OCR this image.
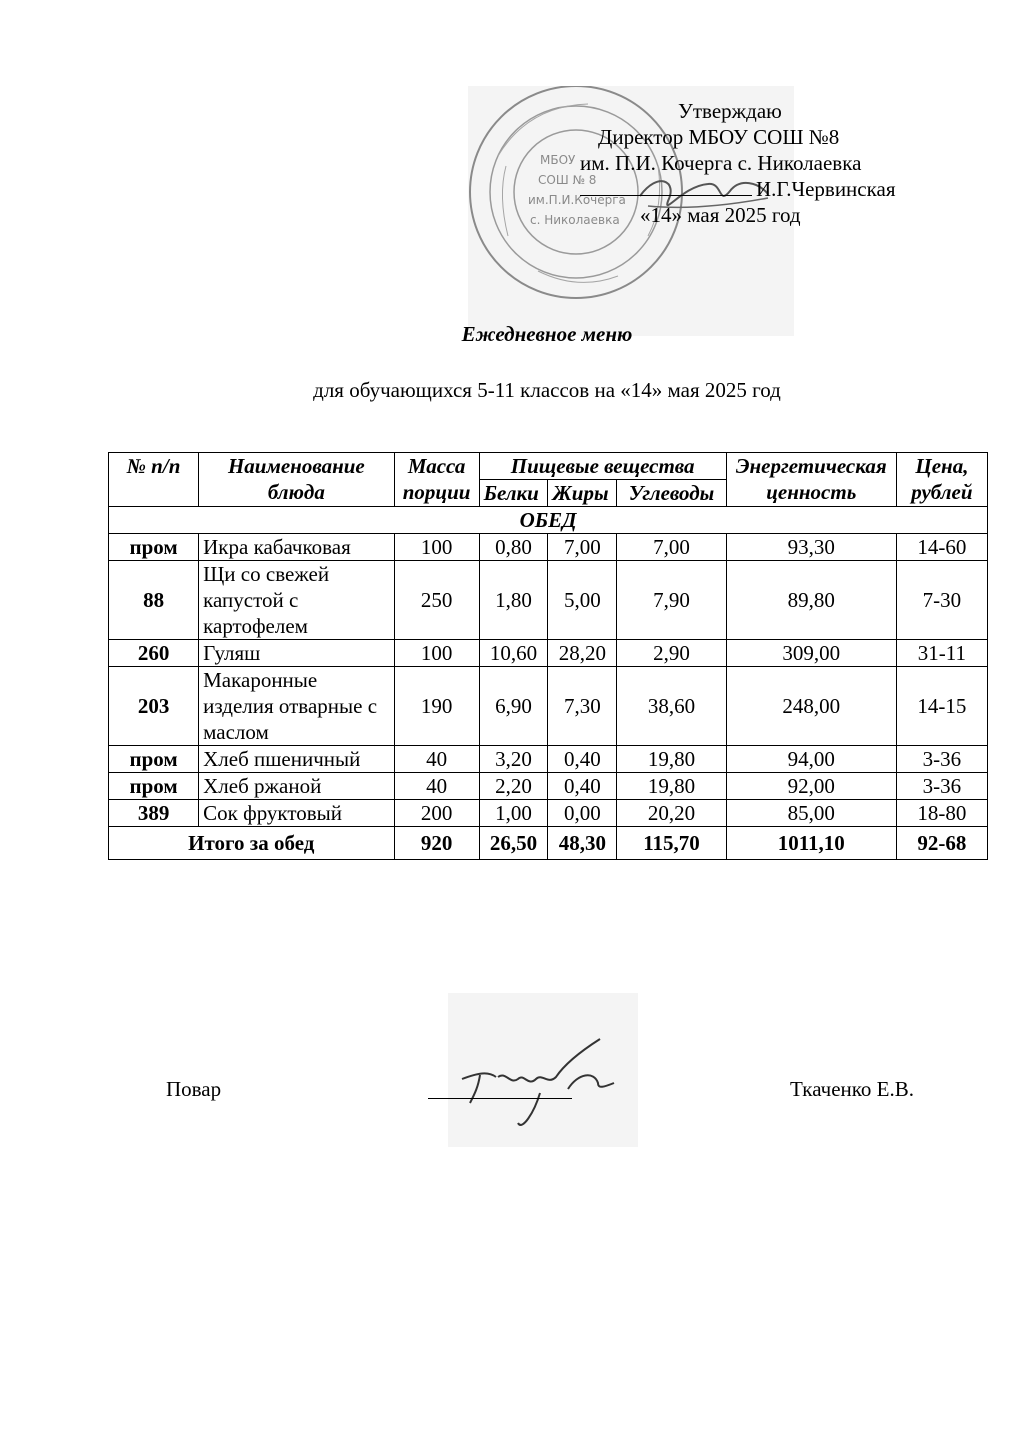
МБОУ
СОШ № 8
им.П.И.Кочерга
с. Николаевка
Утверждаю
Директор МБОУ СОШ №8
им. П.И. Кочерга с. Николаевка
И.Г.Червинская
«14» мая 2025 год
Ежедневное меню
для обучающихся 5-11 классов на «14» мая 2025 год
№ п/п	Наименование блюда	Масса порции	Пищевые вещества			Энергетическая ценность	Цена, рублей
			Белки	Жиры	Углеводы		
ОБЕД							
пром	Икра кабачковая	100	0,80	7,00	7,00	93,30	14-60
88	Щи со свежей капустой с картофелем	250	1,80	5,00	7,90	89,80	7-30
260	Гуляш	100	10,60	28,20	2,90	309,00	31-11
203	Макаронные изделия отварные с маслом	190	6,90	7,30	38,60	248,00	14-15
пром	Хлеб пшеничный	40	3,20	0,40	19,80	94,00	3-36
пром	Хлеб ржаной	40	2,20	0,40	19,80	92,00	3-36
389	Сок фруктовый	200	1,00	0,00	20,20	85,00	18-80
Итого за обед		920	26,50	48,30	115,70	1011,10	92-68
Повар	Ткаченко Е.В.
